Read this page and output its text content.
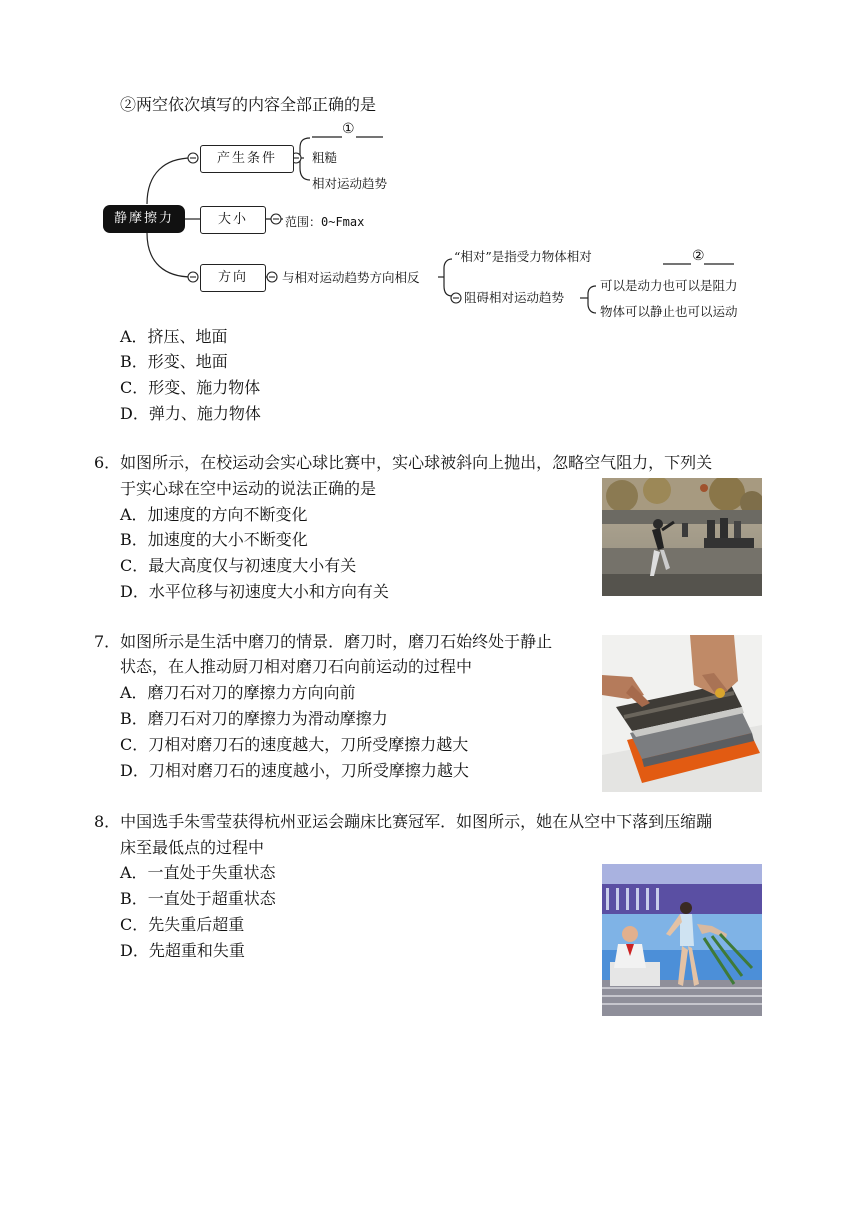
②两空依次填写的内容全部正确的是
静摩擦力
产生条件
大小
方向
①
粗糙
相对运动趋势
范围：0~Fmax
与相对运动趋势方向相反
“相对”是指受力物体相对	②
阻碍相对运动趋势
可以是动力也可以是阻力
物体可以静止也可以运动
A．挤压、地面
B．形变、地面
C．形变、施力物体
D．弹力、施力物体
6．如图所示，在校运动会实心球比赛中，实心球被斜向上抛出，忽略空气阻力，下列关
于实心球在空中运动的说法正确的是
A．加速度的方向不断变化
B．加速度的大小不断变化
C．最大高度仅与初速度大小有关
D．水平位移与初速度大小和方向有关
7．如图所示是生活中磨刀的情景．磨刀时，磨刀石始终处于静止
状态，在人推动厨刀相对磨刀石向前运动的过程中
A．磨刀石对刀的摩擦力方向向前
B．磨刀石对刀的摩擦力为滑动摩擦力
C．刀相对磨刀石的速度越大，刀所受摩擦力越大
D．刀相对磨刀石的速度越小，刀所受摩擦力越大
8．中国选手朱雪莹获得杭州亚运会蹦床比赛冠军．如图所示，她在从空中下落到压缩蹦
床至最低点的过程中
A．一直处于失重状态
B．一直处于超重状态
C．先失重后超重
D．先超重和失重
